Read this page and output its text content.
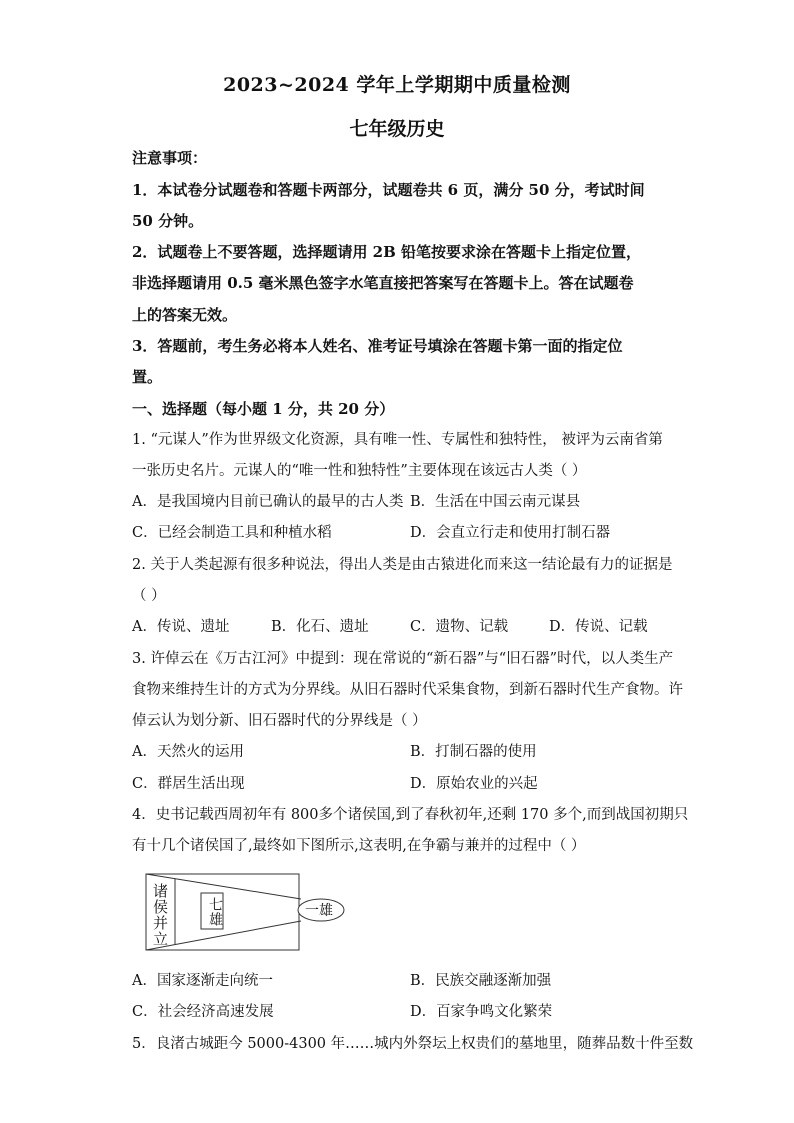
2023~2024 学年上学期期中质量检测
七年级历史
注意事项：
1．本试卷分试题卷和答题卡两部分，试题卷共 6 页，满分 50 分，考试时间
50 分钟。
2．试题卷上不要答题，选择题请用 2B 铅笔按要求涂在答题卡上指定位置，
非选择题请用 0.5 毫米黑色签字水笔直接把答案写在答题卡上。答在试题卷
上的答案无效。
3．答题前，考生务必将本人姓名、准考证号填涂在答题卡第一面的指定位
置。
一、选择题（每小题 1 分，共 20 分）
1. “元谋人”作为世界级文化资源，具有唯一性、专属性和独特性， 被评为云南省第
一张历史名片。元谋人的“唯一性和独特性”主要体现在该远古人类（ ）
A．是我国境内目前已确认的最早的古人类 B．生活在中国云南元谋县
C．已经会制造工具和种植水稻	D．会直立行走和使用打制石器
2. 关于人类起源有很多种说法，得出人类是由古猿进化而来这一结论最有力的证据是
（ ）
A．传说、遗址	B．化石、遗址	C．遗物、记载	D．传说、记载
3. 许倬云在《万古江河》中提到：现在常说的“新石器”与“旧石器”时代，以人类生产
食物来维持生计的方式为分界线。从旧石器时代采集食物，到新石器时代生产食物。许
倬云认为划分新、旧石器时代的分界线是（ ）
A．天然火的运用	B．打制石器的使用
C．群居生活出现	D．原始农业的兴起
4．史书记载西周初年有 800多个诸侯国,到了春秋初年,还剩 170 多个,而到战国初期只
有十几个诸侯国了,最终如下图所示,这表明,在争霸与兼并的过程中（ ）
诸侯并立	七雄	一雄
A．国家逐渐走向统一	B．民族交融逐渐加强
C．社会经济高速发展	D．百家争鸣文化繁荣
5．良渚古城距今 5000-4300 年……城内外祭坛上权贵们的墓地里，随葬品数十件至数
